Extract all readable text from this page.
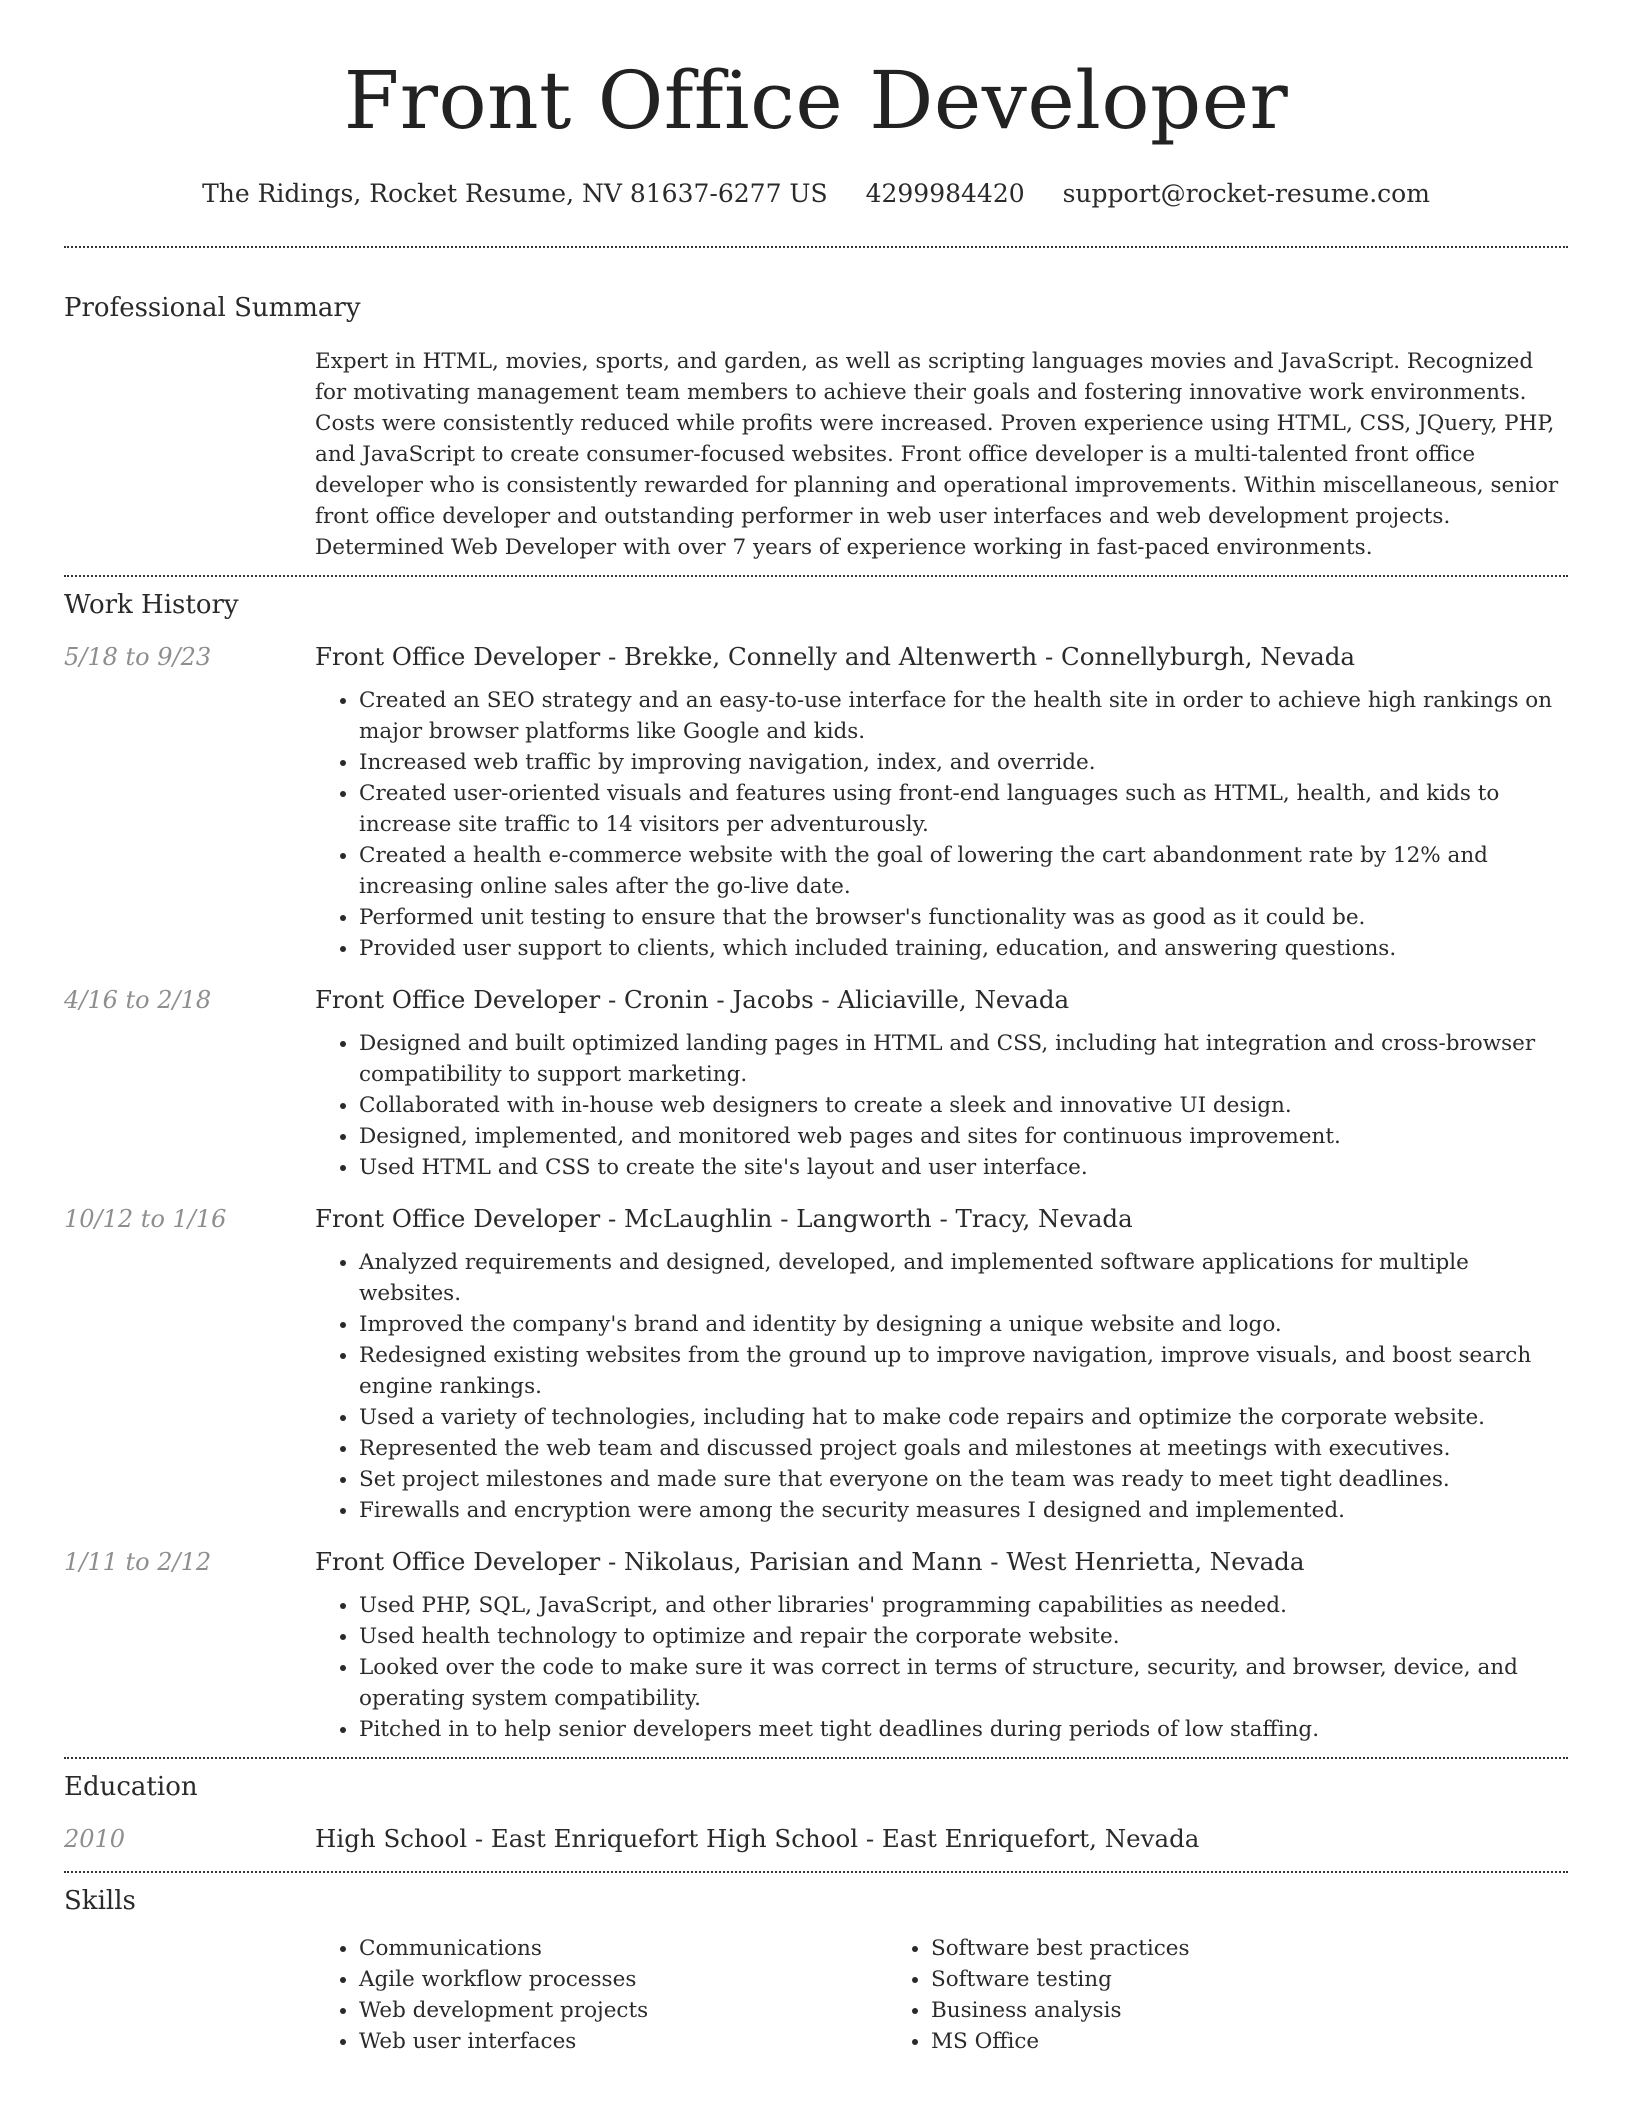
Front Office Developer
The Ridings, Rocket Resume, NV 81637-6277 US 4299984420 support@rocket-resume.com
Professional Summary
Expert in HTML, movies, sports, and garden, as well as scripting languages movies and JavaScript. Recognized for motivating management team members to achieve their goals and fostering innovative work environments. Costs were consistently reduced while profits were increased. Proven experience using HTML, CSS, JQuery, PHP, and JavaScript to create consumer-focused websites. Front office developer is a multi-talented front office developer who is consistently rewarded for planning and operational improvements. Within miscellaneous, senior front office developer and outstanding performer in web user interfaces and web development projects. Determined Web Developer with over 7 years of experience working in fast-paced environments.
Work History
5/18 to 9/23	Front Office Developer - Brekke, Connelly and Altenwerth - Connellyburgh, Nevada
• Created an SEO strategy and an easy-to-use interface for the health site in order to achieve high rankings on major browser platforms like Google and kids.
• Increased web traffic by improving navigation, index, and override.
• Created user-oriented visuals and features using front-end languages such as HTML, health, and kids to increase site traffic to 14 visitors per adventurously.
• Created a health e-commerce website with the goal of lowering the cart abandonment rate by 12% and increasing online sales after the go-live date.
• Performed unit testing to ensure that the browser's functionality was as good as it could be.
• Provided user support to clients, which included training, education, and answering questions.
4/16 to 2/18	Front Office Developer - Cronin - Jacobs - Aliciaville, Nevada
• Designed and built optimized landing pages in HTML and CSS, including hat integration and cross-browser compatibility to support marketing.
• Collaborated with in-house web designers to create a sleek and innovative UI design.
• Designed, implemented, and monitored web pages and sites for continuous improvement.
• Used HTML and CSS to create the site's layout and user interface.
10/12 to 1/16	Front Office Developer - McLaughlin - Langworth - Tracy, Nevada
• Analyzed requirements and designed, developed, and implemented software applications for multiple websites.
• Improved the company's brand and identity by designing a unique website and logo.
• Redesigned existing websites from the ground up to improve navigation, improve visuals, and boost search engine rankings.
• Used a variety of technologies, including hat to make code repairs and optimize the corporate website.
• Represented the web team and discussed project goals and milestones at meetings with executives.
• Set project milestones and made sure that everyone on the team was ready to meet tight deadlines.
• Firewalls and encryption were among the security measures I designed and implemented.
1/11 to 2/12	Front Office Developer - Nikolaus, Parisian and Mann - West Henrietta, Nevada
• Used PHP, SQL, JavaScript, and other libraries' programming capabilities as needed.
• Used health technology to optimize and repair the corporate website.
• Looked over the code to make sure it was correct in terms of structure, security, and browser, device, and operating system compatibility.
• Pitched in to help senior developers meet tight deadlines during periods of low staffing.
Education
2010	High School - East Enriquefort High School - East Enriquefort, Nevada
Skills
• Communications
• Agile workflow processes
• Web development projects
• Web user interfaces
• Software best practices
• Software testing
• Business analysis
• MS Office
